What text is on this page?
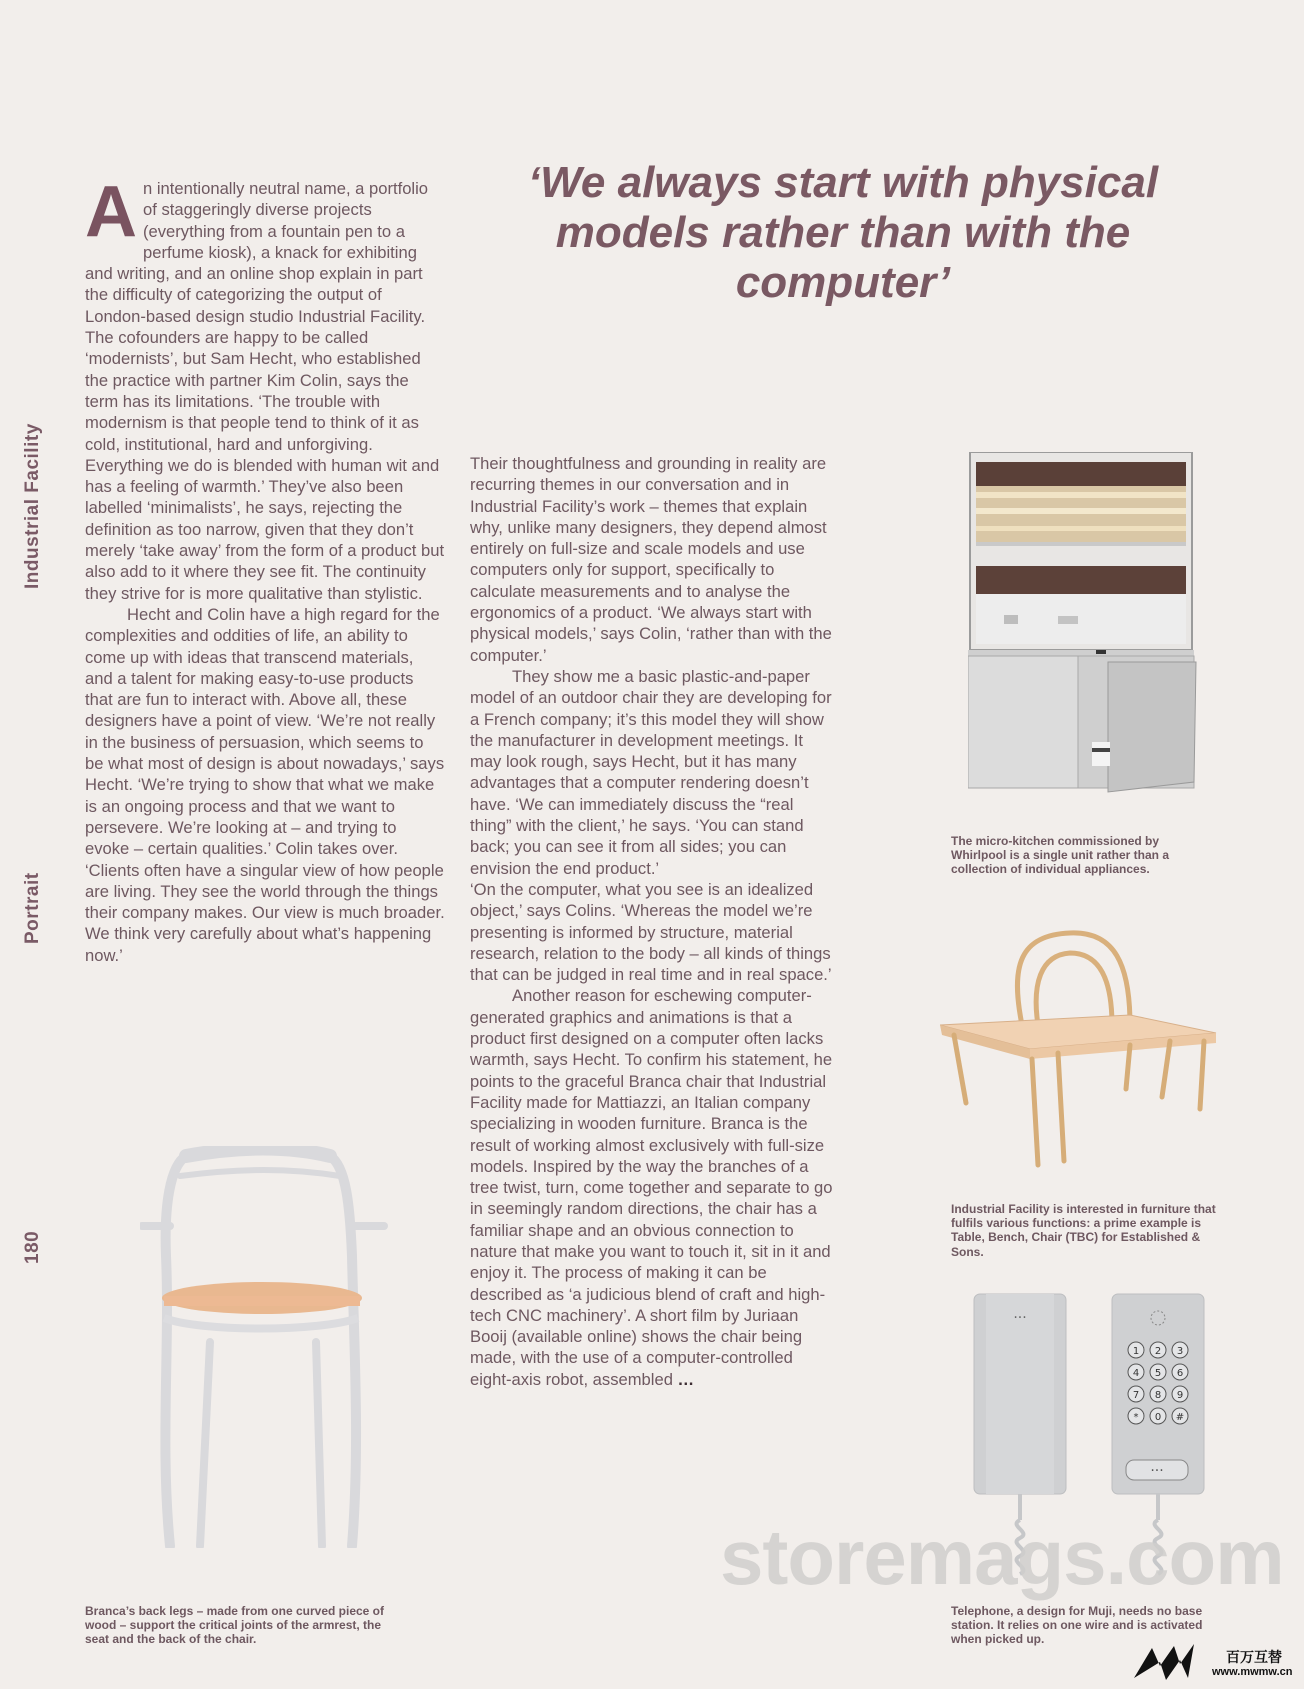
Industrial Facility
Portrait
180

‘We always start with physical models rather than with the computer’

An intentionally neutral name, a portfolio of staggeringly diverse projects (everything from a fountain pen to a perfume kiosk), a knack for exhibiting and writing, and an online shop explain in part the difficulty of categorizing the output of London-based design studio Industrial Facility. The cofounders are happy to be called ‘modernists’, but Sam Hecht, who established the practice with partner Kim Colin, says the term has its limitations. ‘The trouble with modernism is that people tend to think of it as cold, institutional, hard and unforgiving. Everything we do is blended with human wit and has a feeling of warmth.’ They’ve also been labelled ‘minimalists’, he says, rejecting the definition as too narrow, given that they don’t merely ‘take away’ from the form of a product but also add to it where they see fit. The continuity they strive for is more qualitative than stylistic.

Hecht and Colin have a high regard for the complexities and oddities of life, an ability to come up with ideas that transcend materials, and a talent for making easy-to-use products that are fun to interact with. Above all, these designers have a point of view. ‘We’re not really in the business of persuasion, which seems to be what most of design is about nowadays,’ says Hecht. ‘We’re trying to show that what we make is an ongoing process and that we want to persevere. We’re looking at – and trying to evoke – certain qualities.’ Colin takes over. ‘Clients often have a singular view of how people are living. They see the world through the things their company makes. Our view is much broader. We think very carefully about what’s happening now.’

Their thoughtfulness and grounding in reality are recurring themes in our conversation and in Industrial Facility’s work – themes that explain why, unlike many designers, they depend almost entirely on full-size and scale models and use computers only for support, specifically to calculate measurements and to analyse the ergonomics of a product. ‘We always start with physical models,’ says Colin, ‘rather than with the computer.’

They show me a basic plastic-and-paper model of an outdoor chair they are developing for a French company; it’s this model they will show the manufacturer in development meetings. It may look rough, says Hecht, but it has many advantages that a computer rendering doesn’t have. ‘We can immediately discuss the “real thing” with the client,’ he says. ‘You can stand back; you can see it from all sides; you can envision the end product.’

‘On the computer, what you see is an idealized object,’ says Colins. ‘Whereas the model we’re presenting is informed by structure, material research, relation to the body – all kinds of things that can be judged in real time and in real space.’

Another reason for eschewing computer-generated graphics and animations is that a product first designed on a computer often lacks warmth, says Hecht. To confirm his statement, he points to the graceful Branca chair that Industrial Facility made for Mattiazzi, an Italian company specializing in wooden furniture. Branca is the result of working almost exclusively with full-size models. Inspired by the way the branches of a tree twist, turn, come together and separate to go in seemingly random directions, the chair has a familiar shape and an obvious connection to nature that make you want to touch it, sit in it and enjoy it. The process of making it can be described as ‘a judicious blend of craft and high-tech CNC machinery’. A short film by Juriaan Booij (available online) shows the chair being made, with the use of a computer-controlled eight-axis robot, assembled …

The micro-kitchen commissioned by Whirlpool is a single unit rather than a collection of individual appliances.

Industrial Facility is interested in furniture that fulfils various functions: a prime example is Table, Bench, Chair (TBC) for Established & Sons.

Branca’s back legs – made from one curved piece of wood – support the critical joints of the armrest, the seat and the back of the chair.

···
1 2 3
4 5 6
7 8 9
* 0 #
···

Telephone, a design for Muji, needs no base station. It relies on one wire and is activated when picked up.

storemags.com
百万互替
www.mwmw.cn
